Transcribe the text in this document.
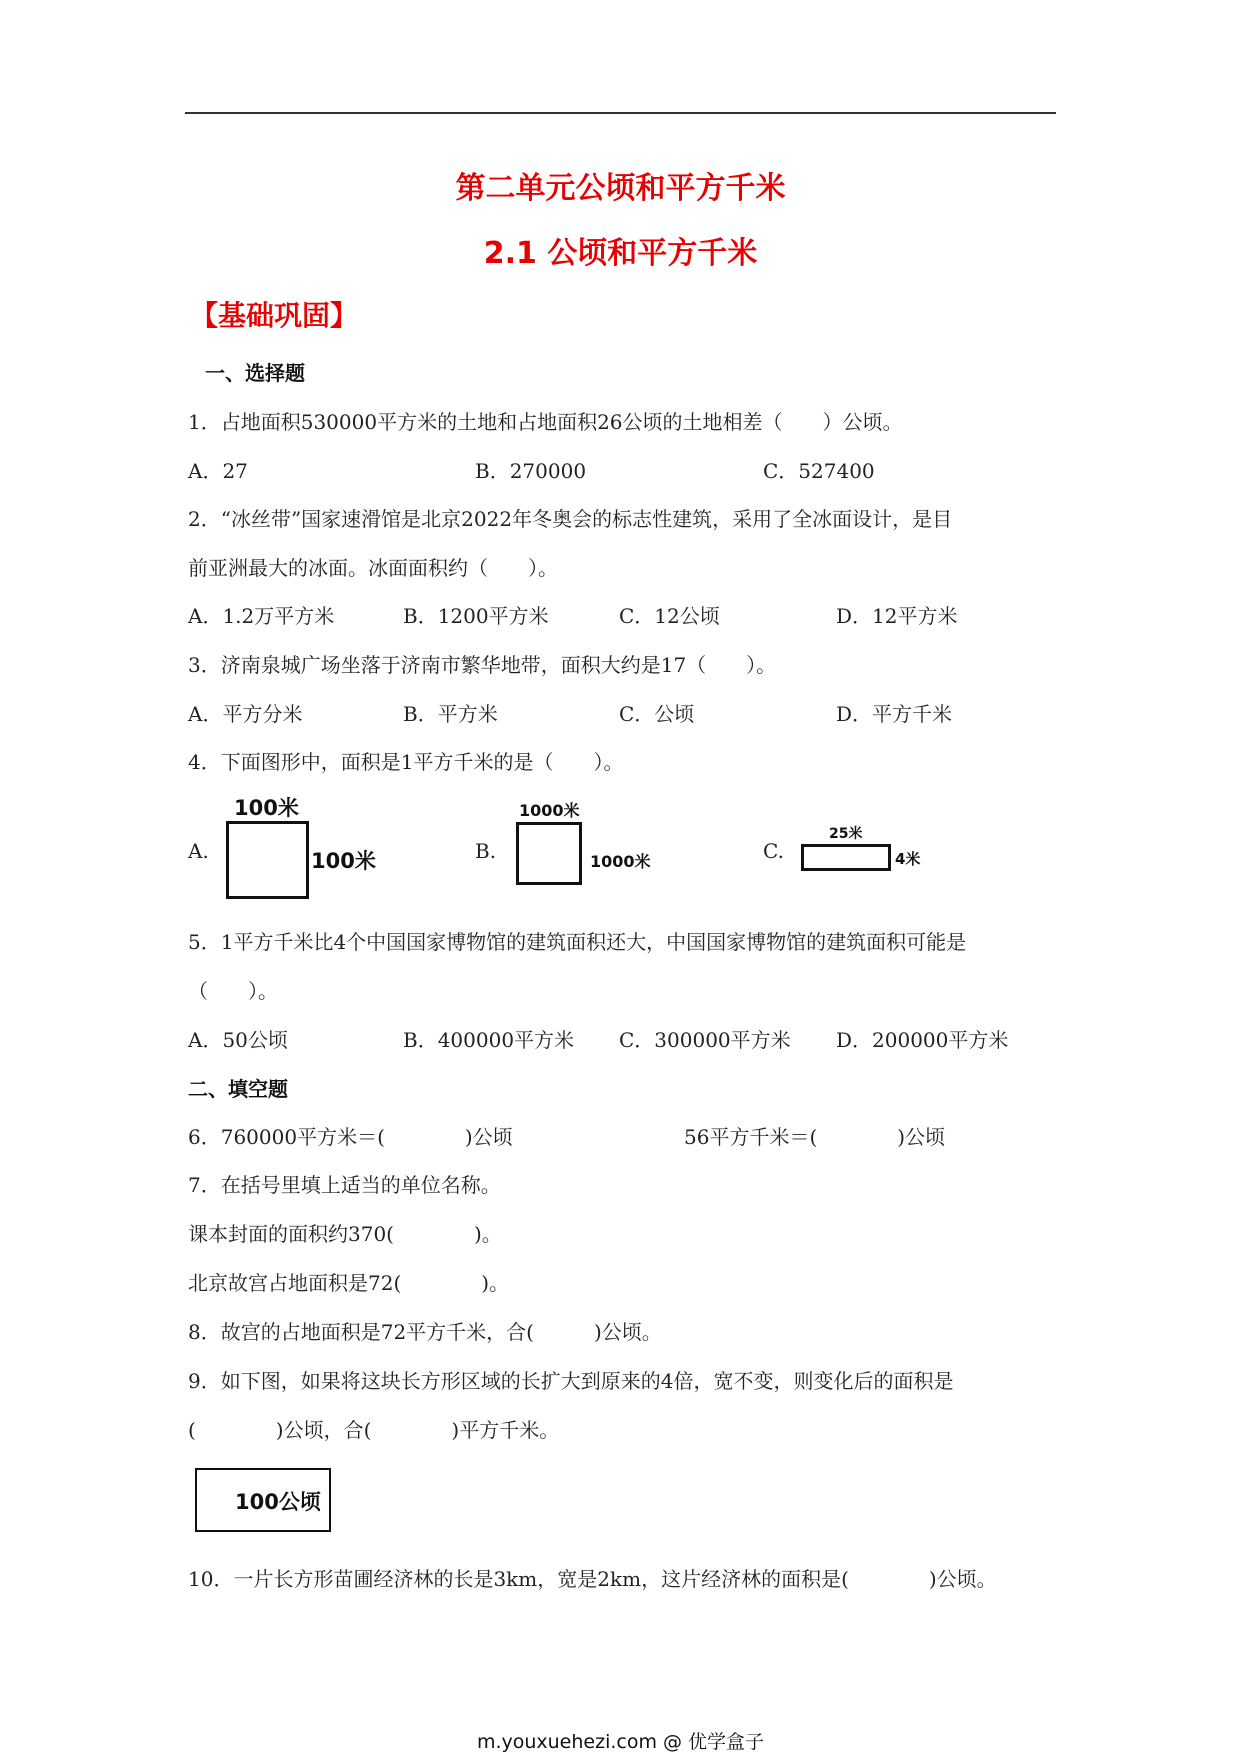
第二单元公顷和平方千米
2.1 公顷和平方千米
【基础巩固】
一、选择题
1．占地面积530000平方米的土地和占地面积26公顷的土地相差（　　）公顷。
A．27	B．270000	C．527400
2．“冰丝带”国家速滑馆是北京2022年冬奥会的标志性建筑，采用了全冰面设计，是目
前亚洲最大的冰面。冰面面积约（　　）。
A．1.2万平方米	B．1200平方米	C．12公顷	D．12平方米
3．济南泉城广场坐落于济南市繁华地带，面积大约是17（　　）。
A．平方分米	B．平方米	C．公顷	D．平方千米
4．下面图形中，面积是1平方千米的是（　　）。
A.
100米
100米	B.
1000米
1000米	C.
25米
4米
5．1平方千米比4个中国国家博物馆的建筑面积还大，中国国家博物馆的建筑面积可能是
（　　）。
A．50公顷	B．400000平方米 C．300000平方米 D．200000平方米
二、填空题
6．760000平方米＝(　　　　)公顷	56平方千米＝(　　　　)公顷
7．在括号里填上适当的单位名称。
课本封面的面积约370(　　　　)。
北京故宫占地面积是72(　　　　)。
8．故宫的占地面积是72平方千米，合(　　　)公顷。
9．如下图，如果将这块长方形区域的长扩大到原来的4倍，宽不变，则变化后的面积是
(　　　　)公顷，合(　　　　)平方千米。
100公顷
10．一片长方形苗圃经济林的长是3km，宽是2km，这片经济林的面积是(　　　　)公顷。
m.youxuehezi.com @ 优学盒子
